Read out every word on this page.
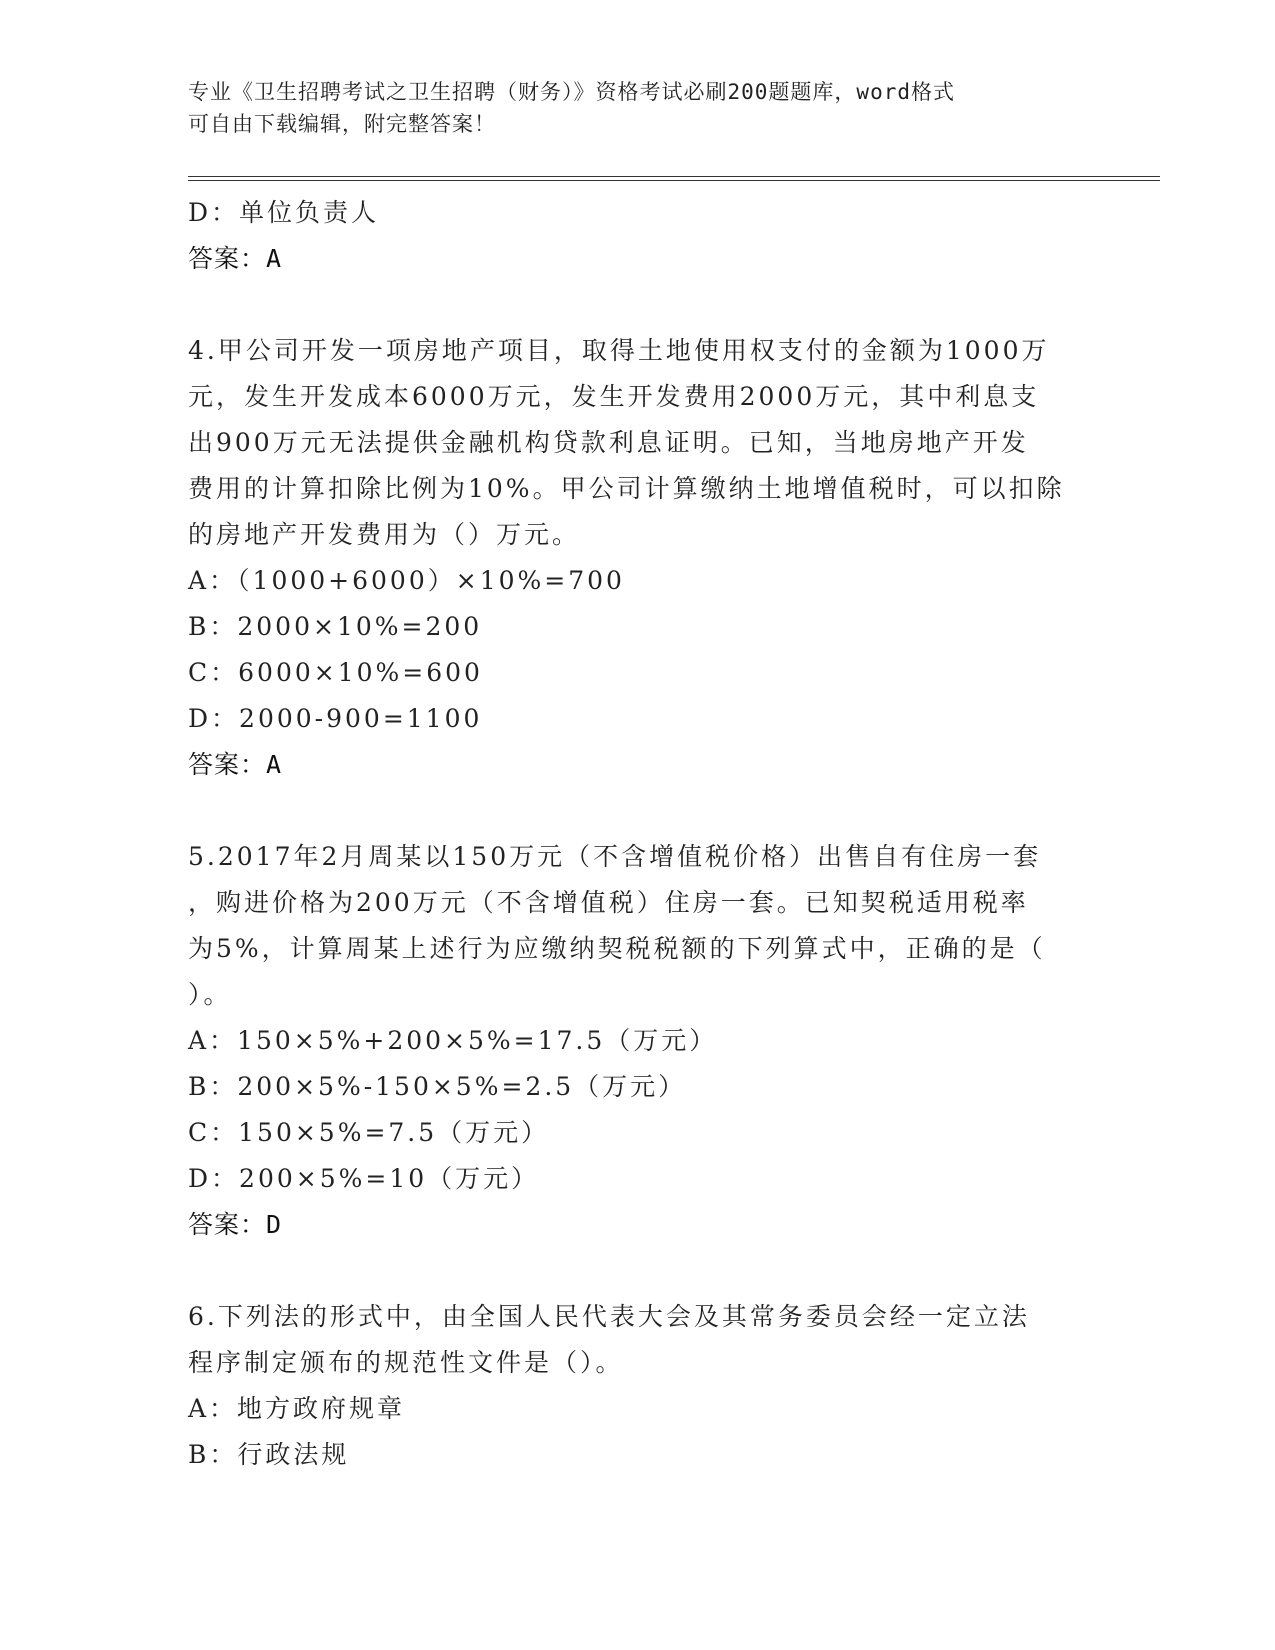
专业《卫生招聘考试之卫生招聘（财务）》资格考试必刷200题题库，word格式
可自由下载编辑，附完整答案！
D：单位负责人
答案：A
4.甲公司开发一项房地产项目，取得土地使用权支付的金额为1000万
元，发生开发成本6000万元，发生开发费用2000万元，其中利息支
出900万元无法提供金融机构贷款利息证明。已知，当地房地产开发
费用的计算扣除比例为10%。甲公司计算缴纳土地增值税时，可以扣除
的房地产开发费用为（）万元。
A：（1000+6000）×10%=700
B：2000×10%=200
C：6000×10%=600
D：2000-900=1100
答案：A
5.2017年2月周某以150万元（不含增值税价格）出售自有住房一套
，购进价格为200万元（不含增值税）住房一套。已知契税适用税率
为5%，计算周某上述行为应缴纳契税税额的下列算式中，正确的是（
）。
A：150×5%+200×5%=17.5（万元）
B：200×5%-150×5%=2.5（万元）
C：150×5%=7.5（万元）
D：200×5%=10（万元）
答案：D
6.下列法的形式中，由全国人民代表大会及其常务委员会经一定立法
程序制定颁布的规范性文件是（）。
A：地方政府规章
B：行政法规
